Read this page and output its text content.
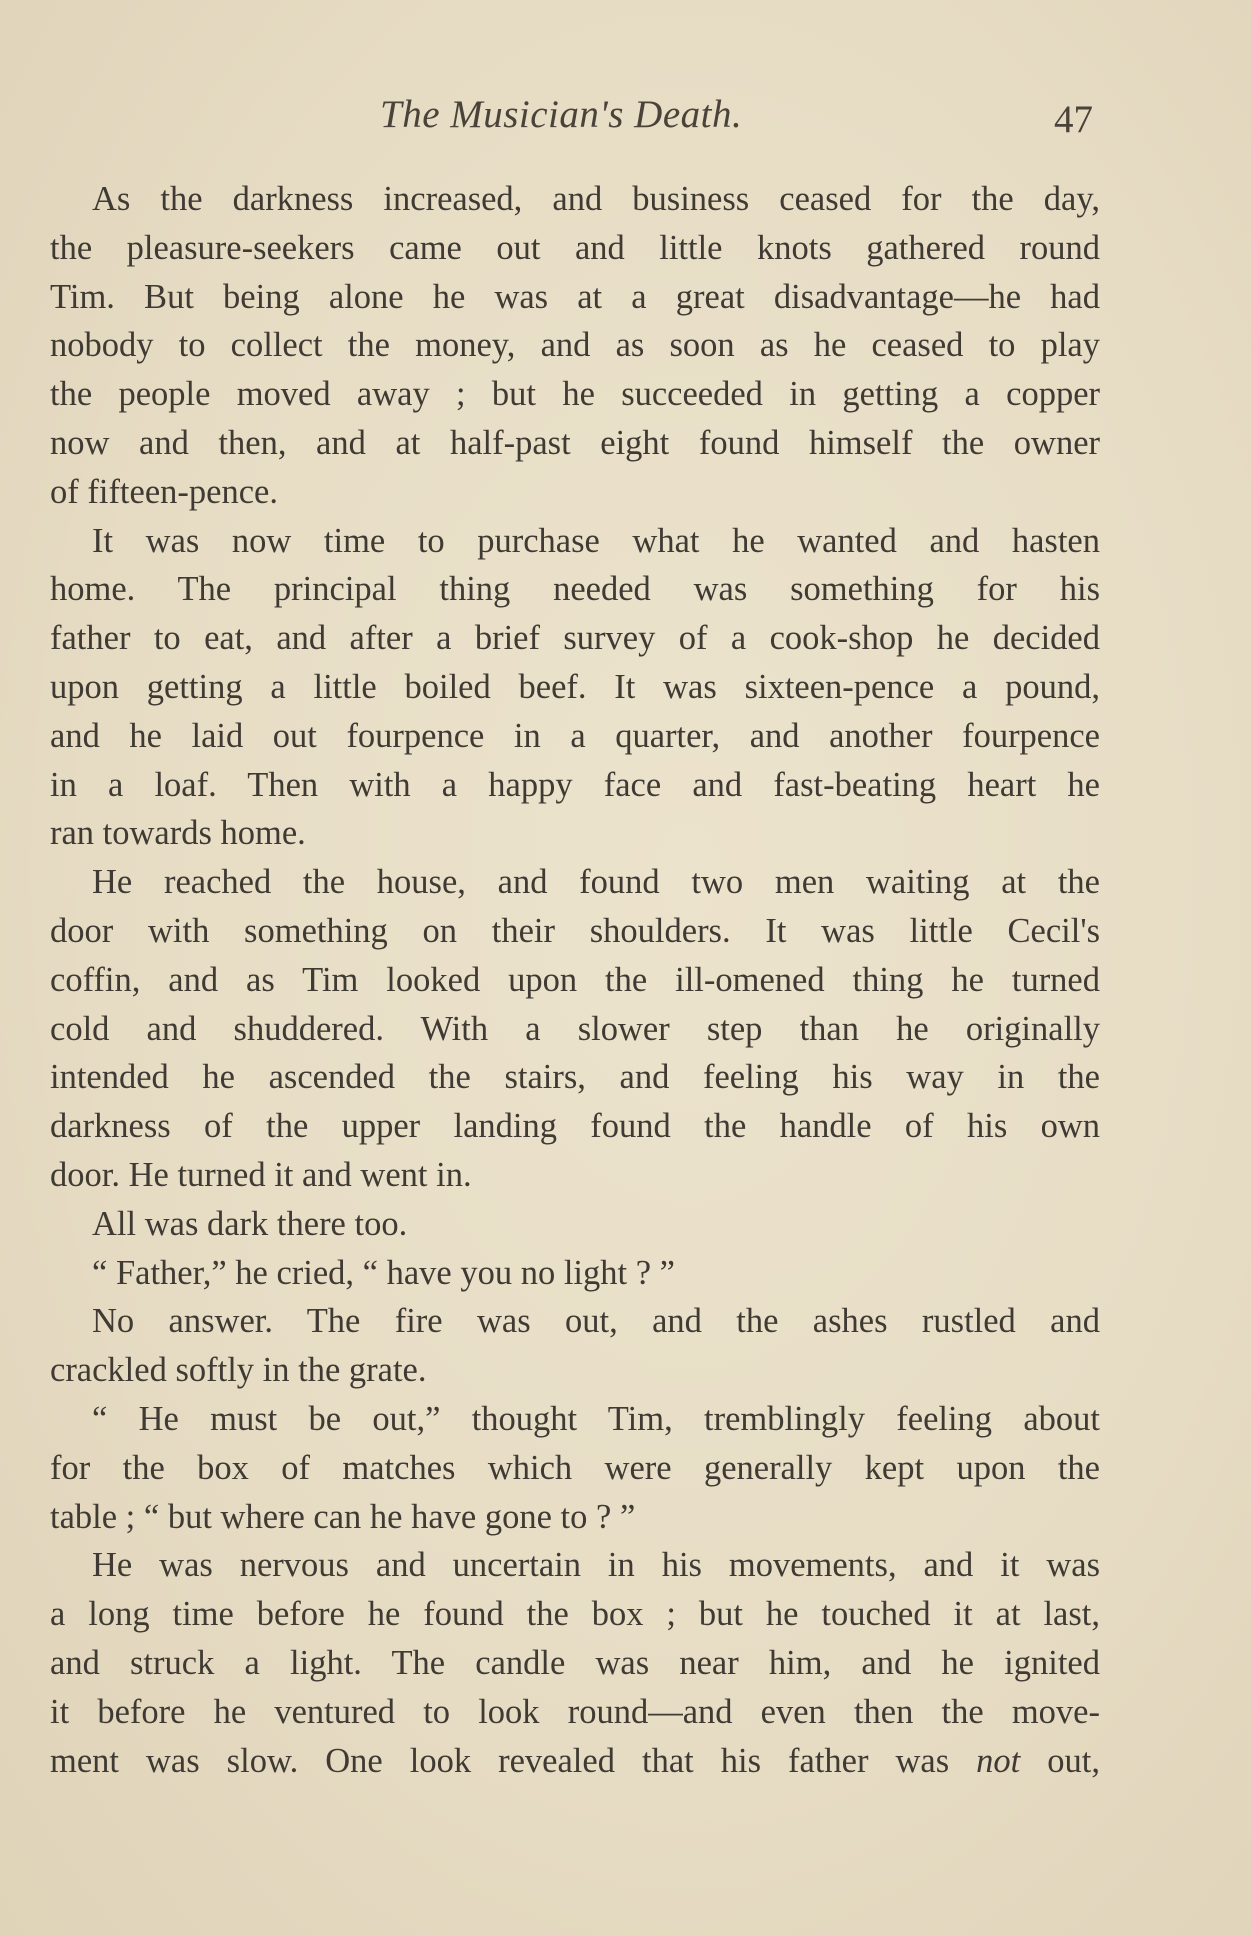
The Musician's Death.	47

As the darkness increased, and business ceased for the day,
the pleasure-seekers came out and little knots gathered round
Tim. But being alone he was at a great disadvantage—he had
nobody to collect the money, and as soon as he ceased to play
the people moved away ; but he succeeded in getting a copper
now and then, and at half-past eight found himself the owner
of fifteen-pence.

It was now time to purchase what he wanted and hasten
home. The principal thing needed was something for his
father to eat, and after a brief survey of a cook-shop he decided
upon getting a little boiled beef. It was sixteen-pence a pound,
and he laid out fourpence in a quarter, and another fourpence
in a loaf. Then with a happy face and fast-beating heart he
ran towards home.

He reached the house, and found two men waiting at the
door with something on their shoulders. It was little Cecil's
coffin, and as Tim looked upon the ill-omened thing he turned
cold and shuddered. With a slower step than he originally
intended he ascended the stairs, and feeling his way in the
darkness of the upper landing found the handle of his own
door. He turned it and went in.

All was dark there too.

“ Father,” he cried, “ have you no light ? ”

No answer. The fire was out, and the ashes rustled and
crackled softly in the grate.

“ He must be out,” thought Tim, tremblingly feeling about
for the box of matches which were generally kept upon the
table ; “ but where can he have gone to ? ”

He was nervous and uncertain in his movements, and it was
a long time before he found the box ; but he touched it at last,
and struck a light. The candle was near him, and he ignited
it before he ventured to look round—and even then the move-
ment was slow. One look revealed that his father was not out,
